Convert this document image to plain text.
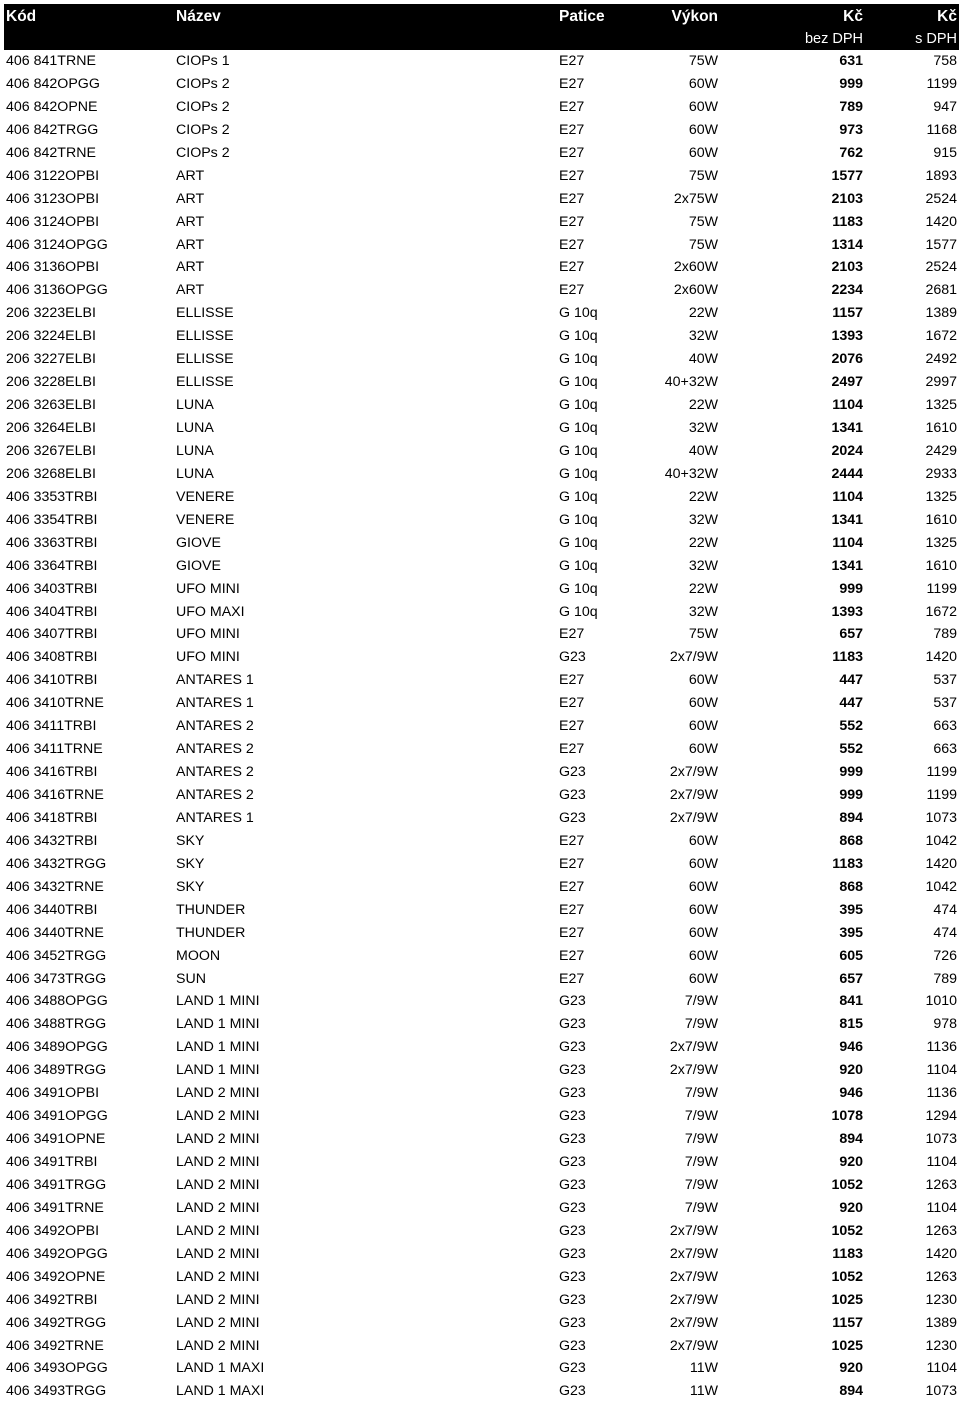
Kód	Název	Patice	Výkon	Kč	Kč
bez DPH	s DPH
406 841TRNE	CIOPs 1	E27	75W	631	758
406 842OPGG	CIOPs 2	E27	60W	999	1199
406 842OPNE	CIOPs 2	E27	60W	789	947
406 842TRGG	CIOPs 2	E27	60W	973	1168
406 842TRNE	CIOPs 2	E27	60W	762	915
406 3122OPBI	ART	E27	75W	1577	1893
406 3123OPBI	ART	E27	2x75W	2103	2524
406 3124OPBI	ART	E27	75W	1183	1420
406 3124OPGG	ART	E27	75W	1314	1577
406 3136OPBI	ART	E27	2x60W	2103	2524
406 3136OPGG	ART	E27	2x60W	2234	2681
206 3223ELBI	ELLISSE	G 10q	22W	1157	1389
206 3224ELBI	ELLISSE	G 10q	32W	1393	1672
206 3227ELBI	ELLISSE	G 10q	40W	2076	2492
206 3228ELBI	ELLISSE	G 10q	40+32W	2497	2997
206 3263ELBI	LUNA	G 10q	22W	1104	1325
206 3264ELBI	LUNA	G 10q	32W	1341	1610
206 3267ELBI	LUNA	G 10q	40W	2024	2429
206 3268ELBI	LUNA	G 10q	40+32W	2444	2933
406 3353TRBI	VENERE	G 10q	22W	1104	1325
406 3354TRBI	VENERE	G 10q	32W	1341	1610
406 3363TRBI	GIOVE	G 10q	22W	1104	1325
406 3364TRBI	GIOVE	G 10q	32W	1341	1610
406 3403TRBI	UFO MINI	G 10q	22W	999	1199
406 3404TRBI	UFO MAXI	G 10q	32W	1393	1672
406 3407TRBI	UFO MINI	E27	75W	657	789
406 3408TRBI	UFO MINI	G23	2x7/9W	1183	1420
406 3410TRBI	ANTARES 1	E27	60W	447	537
406 3410TRNE	ANTARES 1	E27	60W	447	537
406 3411TRBI	ANTARES 2	E27	60W	552	663
406 3411TRNE	ANTARES 2	E27	60W	552	663
406 3416TRBI	ANTARES 2	G23	2x7/9W	999	1199
406 3416TRNE	ANTARES 2	G23	2x7/9W	999	1199
406 3418TRBI	ANTARES 1	G23	2x7/9W	894	1073
406 3432TRBI	SKY	E27	60W	868	1042
406 3432TRGG	SKY	E27	60W	1183	1420
406 3432TRNE	SKY	E27	60W	868	1042
406 3440TRBI	THUNDER	E27	60W	395	474
406 3440TRNE	THUNDER	E27	60W	395	474
406 3452TRGG	MOON	E27	60W	605	726
406 3473TRGG	SUN	E27	60W	657	789
406 3488OPGG	LAND 1 MINI	G23	7/9W	841	1010
406 3488TRGG	LAND 1 MINI	G23	7/9W	815	978
406 3489OPGG	LAND 1 MINI	G23	2x7/9W	946	1136
406 3489TRGG	LAND 1 MINI	G23	2x7/9W	920	1104
406 3491OPBI	LAND 2 MINI	G23	7/9W	946	1136
406 3491OPGG	LAND 2 MINI	G23	7/9W	1078	1294
406 3491OPNE	LAND 2 MINI	G23	7/9W	894	1073
406 3491TRBI	LAND 2 MINI	G23	7/9W	920	1104
406 3491TRGG	LAND 2 MINI	G23	7/9W	1052	1263
406 3491TRNE	LAND 2 MINI	G23	7/9W	920	1104
406 3492OPBI	LAND 2 MINI	G23	2x7/9W	1052	1263
406 3492OPGG	LAND 2 MINI	G23	2x7/9W	1183	1420
406 3492OPNE	LAND 2 MINI	G23	2x7/9W	1052	1263
406 3492TRBI	LAND 2 MINI	G23	2x7/9W	1025	1230
406 3492TRGG	LAND 2 MINI	G23	2x7/9W	1157	1389
406 3492TRNE	LAND 2 MINI	G23	2x7/9W	1025	1230
406 3493OPGG	LAND 1 MAXI	G23	11W	920	1104
406 3493TRGG	LAND 1 MAXI	G23	11W	894	1073
